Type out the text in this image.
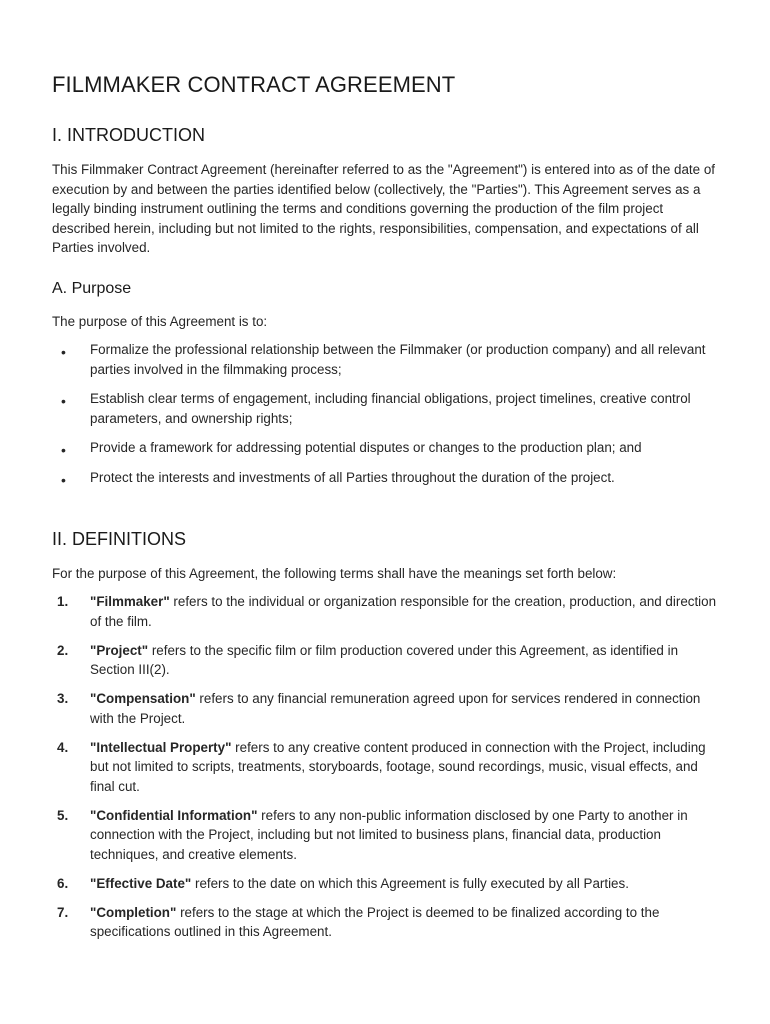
FILMMAKER CONTRACT AGREEMENT
I. INTRODUCTION

This Filmmaker Contract Agreement (hereinafter referred to as the "Agreement") is entered into as of the date of execution by and between the parties identified below (collectively, the "Parties"). This Agreement serves as a legally binding instrument outlining the terms and conditions governing the production of the film project described herein, including but not limited to the rights, responsibilities, compensation, and expectations of all Parties involved.

A. Purpose

The purpose of this Agreement is to:

• Formalize the professional relationship between the Filmmaker (or production company) and all relevant parties involved in the filmmaking process;
• Establish clear terms of engagement, including financial obligations, project timelines, creative control parameters, and ownership rights;
• Provide a framework for addressing potential disputes or changes to the production plan; and
• Protect the interests and investments of all Parties throughout the duration of the project.
II. DEFINITIONS

For the purpose of this Agreement, the following terms shall have the meanings set forth below:

1. "Filmmaker" refers to the individual or organization responsible for the creation, production, and direction of the film.
2. "Project" refers to the specific film or film production covered under this Agreement, as identified in Section III(2).
3. "Compensation" refers to any financial remuneration agreed upon for services rendered in connection with the Project.
4. "Intellectual Property" refers to any creative content produced in connection with the Project, including but not limited to scripts, treatments, storyboards, footage, sound recordings, music, visual effects, and final cut.
5. "Confidential Information" refers to any non-public information disclosed by one Party to another in connection with the Project, including but not limited to business plans, financial data, production techniques, and creative elements.
6. "Effective Date" refers to the date on which this Agreement is fully executed by all Parties.
7. "Completion" refers to the stage at which the Project is deemed to be finalized according to the specifications outlined in this Agreement.
